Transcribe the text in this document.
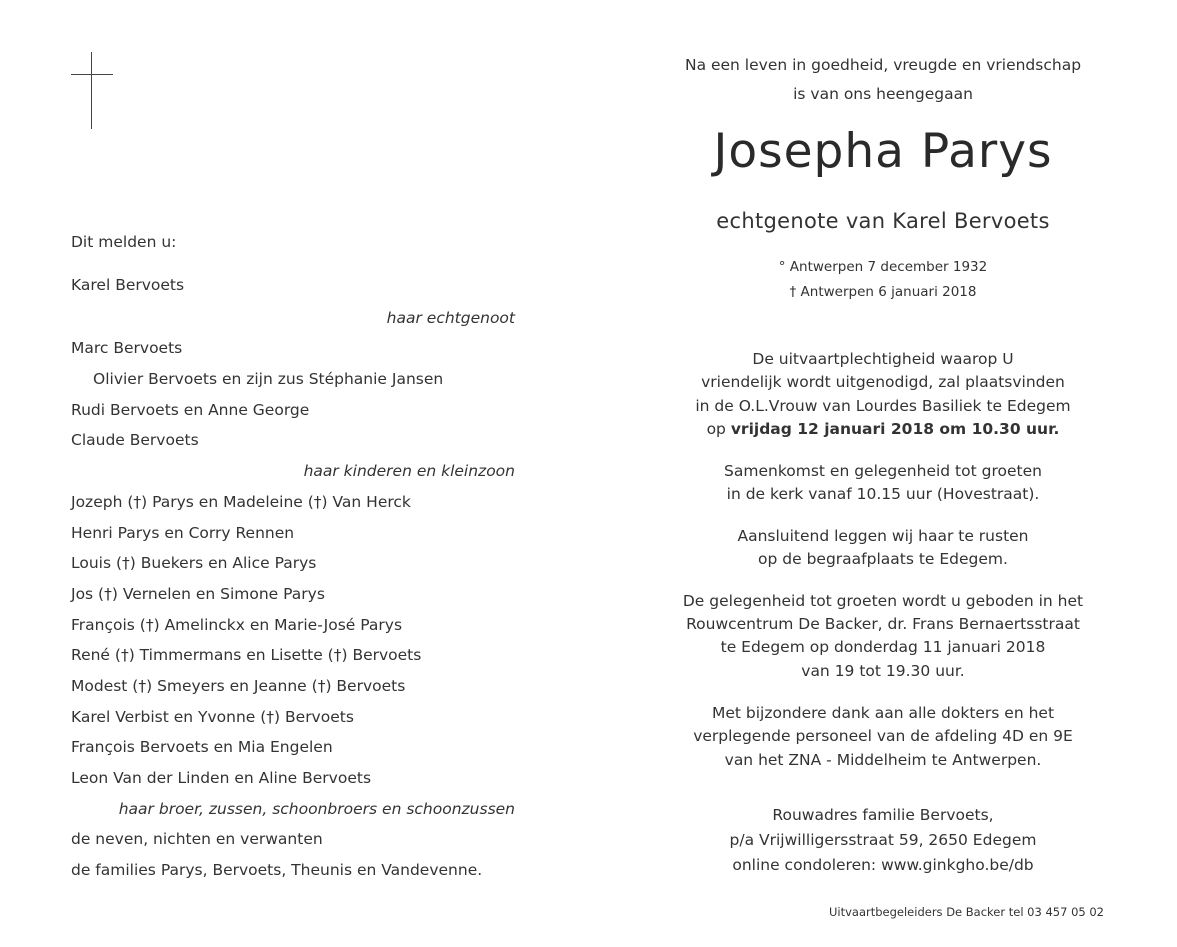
Dit melden u:
Karel Bervoets
haar echtgenoot
Marc Bervoets
Olivier Bervoets en zijn zus Stéphanie Jansen
Rudi Bervoets en Anne George
Claude Bervoets
haar kinderen en kleinzoon
Jozeph (†) Parys en Madeleine (†) Van Herck
Henri Parys en Corry Rennen
Louis (†) Buekers en Alice Parys
Jos (†) Vernelen en Simone Parys
François (†) Amelinckx en Marie-José Parys
René (†) Timmermans en Lisette (†) Bervoets
Modest (†) Smeyers en Jeanne (†) Bervoets
Karel Verbist en Yvonne (†) Bervoets
François Bervoets en Mia Engelen
Leon Van der Linden en Aline Bervoets
haar broer, zussen, schoonbroers en schoonzussen
de neven, nichten en verwanten
de families Parys, Bervoets, Theunis en Vandevenne.
Na een leven in goedheid, vreugde en vriendschap
is van ons heengegaan
Josepha Parys
echtgenote van Karel Bervoets
° Antwerpen 7 december 1932
† Antwerpen 6 januari 2018
De uitvaartplechtigheid waarop U
vriendelijk wordt uitgenodigd, zal plaatsvinden
in de O.L.Vrouw van Lourdes Basiliek te Edegem
op vrijdag 12 januari 2018 om 10.30 uur.
Samenkomst en gelegenheid tot groeten
in de kerk vanaf 10.15 uur (Hovestraat).
Aansluitend leggen wij haar te rusten
op de begraafplaats te Edegem.
De gelegenheid tot groeten wordt u geboden in het
Rouwcentrum De Backer, dr. Frans Bernaertsstraat
te Edegem op donderdag 11 januari 2018
van 19 tot 19.30 uur.
Met bijzondere dank aan alle dokters en het
verplegende personeel van de afdeling 4D en 9E
van het ZNA - Middelheim te Antwerpen.
Rouwadres familie Bervoets,
p/a Vrijwilligersstraat 59, 2650 Edegem
online condoleren: www.ginkgho.be/db
Uitvaartbegeleiders De Backer tel 03 457 05 02
